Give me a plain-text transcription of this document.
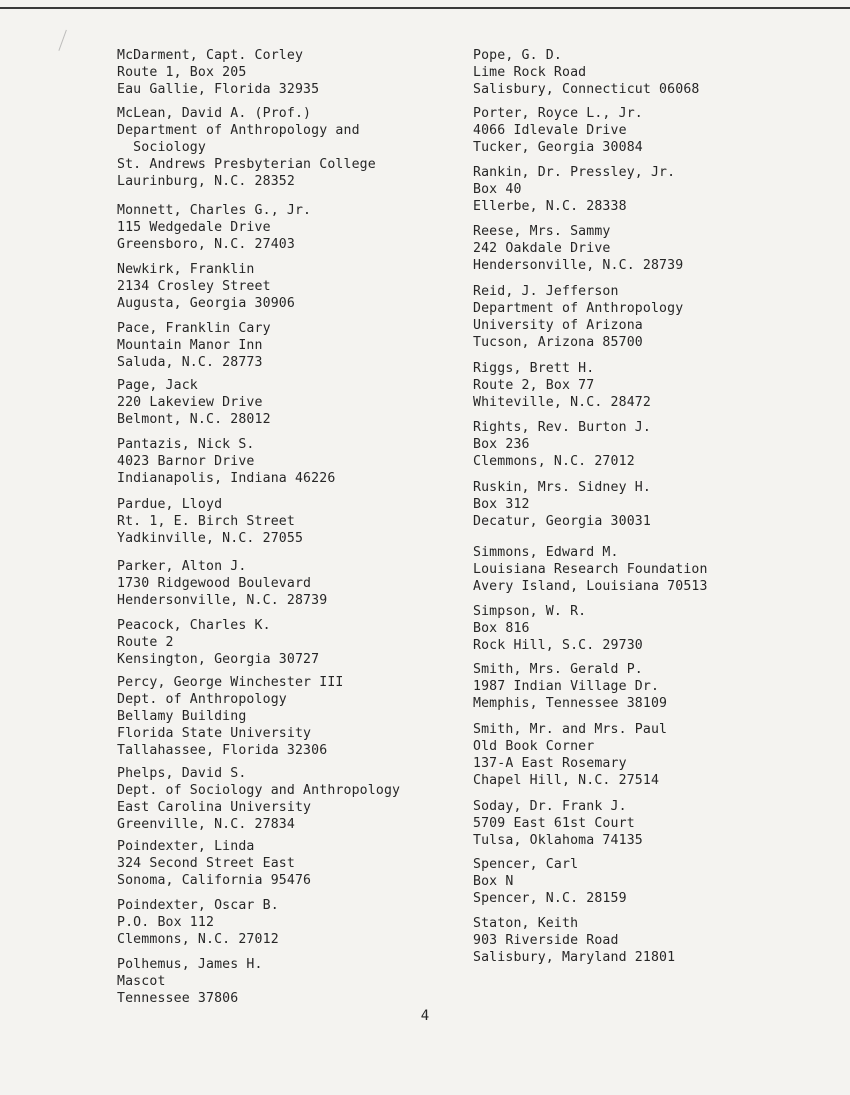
McDarment, Capt. Corley
Route 1, Box 205
Eau Gallie, Florida 32935
McLean, David A. (Prof.)
Department of Anthropology and
Sociology
St. Andrews Presbyterian College
Laurinburg, N.C. 28352
Monnett, Charles G., Jr.
115 Wedgedale Drive
Greensboro, N.C. 27403
Newkirk, Franklin
2134 Crosley Street
Augusta, Georgia 30906
Pace, Franklin Cary
Mountain Manor Inn
Saluda, N.C. 28773
Page, Jack
220 Lakeview Drive
Belmont, N.C. 28012
Pantazis, Nick S.
4023 Barnor Drive
Indianapolis, Indiana 46226
Pardue, Lloyd
Rt. 1, E. Birch Street
Yadkinville, N.C. 27055
Parker, Alton J.
1730 Ridgewood Boulevard
Hendersonville, N.C. 28739
Peacock, Charles K.
Route 2
Kensington, Georgia 30727
Percy, George Winchester III
Dept. of Anthropology
Bellamy Building
Florida State University
Tallahassee, Florida 32306
Phelps, David S.
Dept. of Sociology and Anthropology
East Carolina University
Greenville, N.C. 27834
Poindexter, Linda
324 Second Street East
Sonoma, California 95476
Poindexter, Oscar B.
P.O. Box 112
Clemmons, N.C. 27012
Polhemus, James H.
Mascot
Tennessee 37806
Pope, G. D.
Lime Rock Road
Salisbury, Connecticut 06068
Porter, Royce L., Jr.
4066 Idlevale Drive
Tucker, Georgia 30084
Rankin, Dr. Pressley, Jr.
Box 40
Ellerbe, N.C. 28338
Reese, Mrs. Sammy
242 Oakdale Drive
Hendersonville, N.C. 28739
Reid, J. Jefferson
Department of Anthropology
University of Arizona
Tucson, Arizona 85700
Riggs, Brett H.
Route 2, Box 77
Whiteville, N.C. 28472
Rights, Rev. Burton J.
Box 236
Clemmons, N.C. 27012
Ruskin, Mrs. Sidney H.
Box 312
Decatur, Georgia 30031
Simmons, Edward M.
Louisiana Research Foundation
Avery Island, Louisiana 70513
Simpson, W. R.
Box 816
Rock Hill, S.C. 29730
Smith, Mrs. Gerald P.
1987 Indian Village Dr.
Memphis, Tennessee 38109
Smith, Mr. and Mrs. Paul
Old Book Corner
137-A East Rosemary
Chapel Hill, N.C. 27514
Soday, Dr. Frank J.
5709 East 61st Court
Tulsa, Oklahoma 74135
Spencer, Carl
Box N
Spencer, N.C. 28159
Staton, Keith
903 Riverside Road
Salisbury, Maryland 21801
4
